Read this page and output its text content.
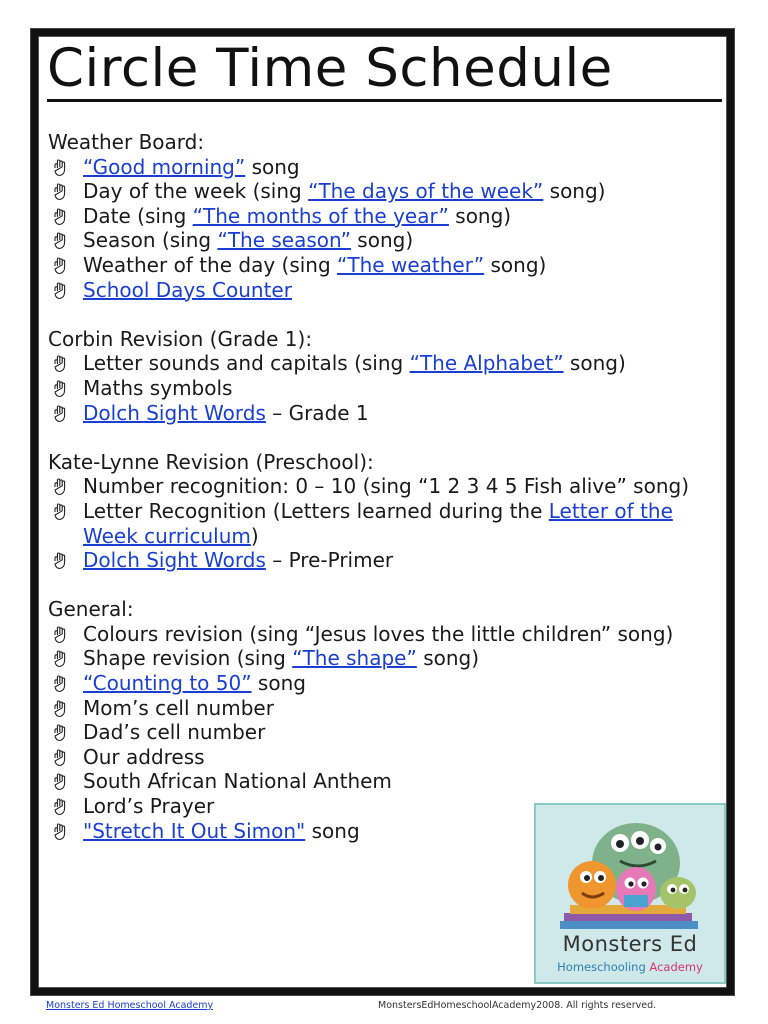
Circle Time Schedule
Weather Board:
“Good morning” song
Day of the week (sing “The days of the week” song)
Date (sing “The months of the year” song)
Season (sing “The season” song)
Weather of the day (sing “The weather” song)
School Days Counter
Corbin Revision (Grade 1):
Letter sounds and capitals (sing “The Alphabet” song)
Maths symbols
Dolch Sight Words – Grade 1
Kate-Lynne Revision (Preschool):
Number recognition: 0 – 10 (sing “1 2 3 4 5 Fish alive” song)
Letter Recognition (Letters learned during the Letter of the Week curriculum)
Dolch Sight Words – Pre-Primer
General:
Colours revision (sing “Jesus loves the little children” song)
Shape revision (sing “The shape” song)
“Counting to 50” song
Mom’s cell number
Dad’s cell number
Our address
South African National Anthem
Lord’s Prayer
"Stretch It Out Simon" song
Monsters Ed
Homeschooling Academy
Monsters Ed Homeschool Academy	MonstersEdHomeschoolAcademy2008. All rights reserved.
